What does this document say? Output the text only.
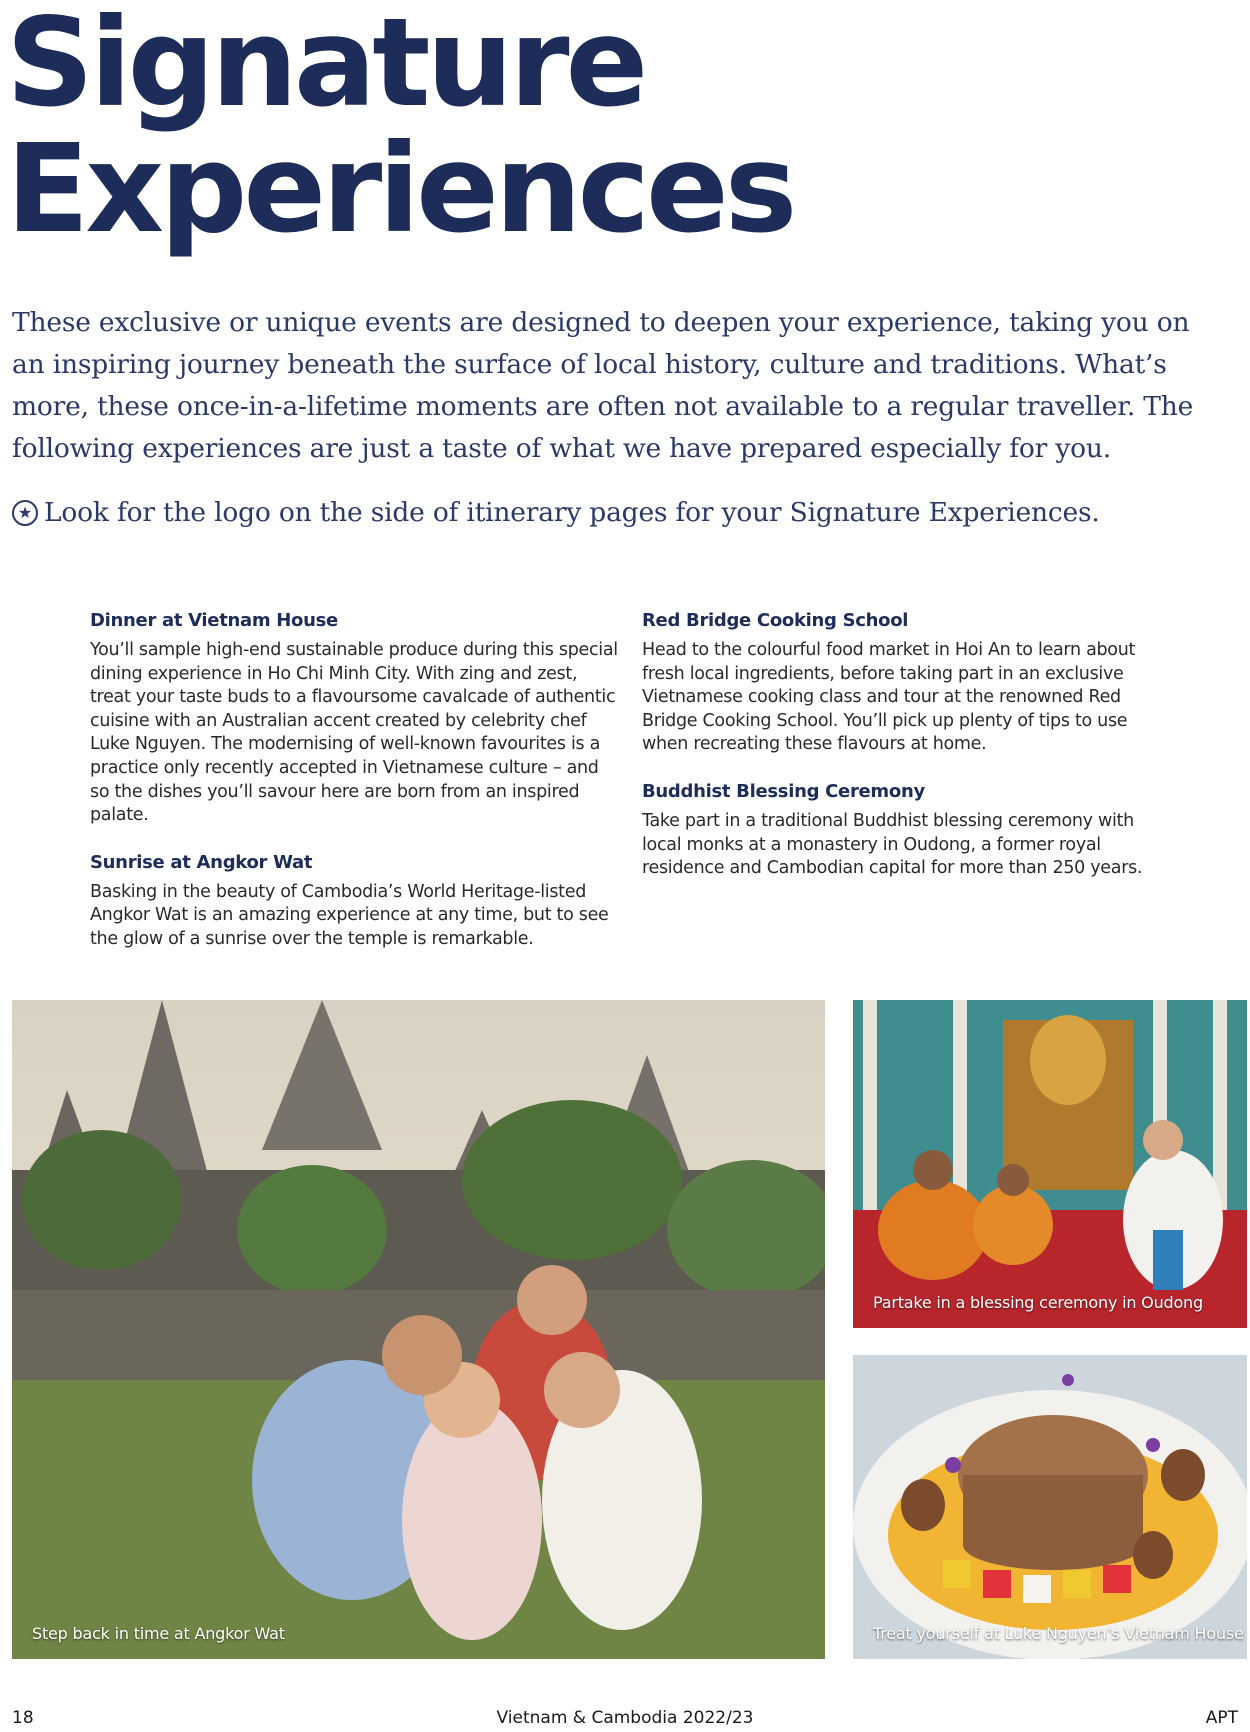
Signature
Experiences

These exclusive or unique events are designed to deepen your experience, taking you on an inspiring journey beneath the surface of local history, culture and traditions. What’s more, these once-in-a-lifetime moments are often not available to a regular traveller. The following experiences are just a taste of what we have prepared especially for you.

★ Look for the logo on the side of itinerary pages for your Signature Experiences.

Dinner at Vietnam House

You’ll sample high-end sustainable produce during this special dining experience in Ho Chi Minh City. With zing and zest, treat your taste buds to a flavoursome cavalcade of authentic cuisine with an Australian accent created by celebrity chef Luke Nguyen. The modernising of well-known favourites is a practice only recently accepted in Vietnamese culture – and so the dishes you’ll savour here are born from an inspired palate.

Sunrise at Angkor Wat

Basking in the beauty of Cambodia’s World Heritage-listed Angkor Wat is an amazing experience at any time, but to see the glow of a sunrise over the temple is remarkable.

Red Bridge Cooking School

Head to the colourful food market in Hoi An to learn about fresh local ingredients, before taking part in an exclusive Vietnamese cooking class and tour at the renowned Red Bridge Cooking School. You’ll pick up plenty of tips to use when recreating these flavours at home.

Buddhist Blessing Ceremony

Take part in a traditional Buddhist blessing ceremony with local monks at a monastery in Oudong, a former royal residence and Cambodian capital for more than 250 years.

Step back in time at Angkor Wat
Partake in a blessing ceremony in Oudong
Treat yourself at Luke Nguyen’s Vietnam House
18	Vietnam & Cambodia 2022/23	APT
